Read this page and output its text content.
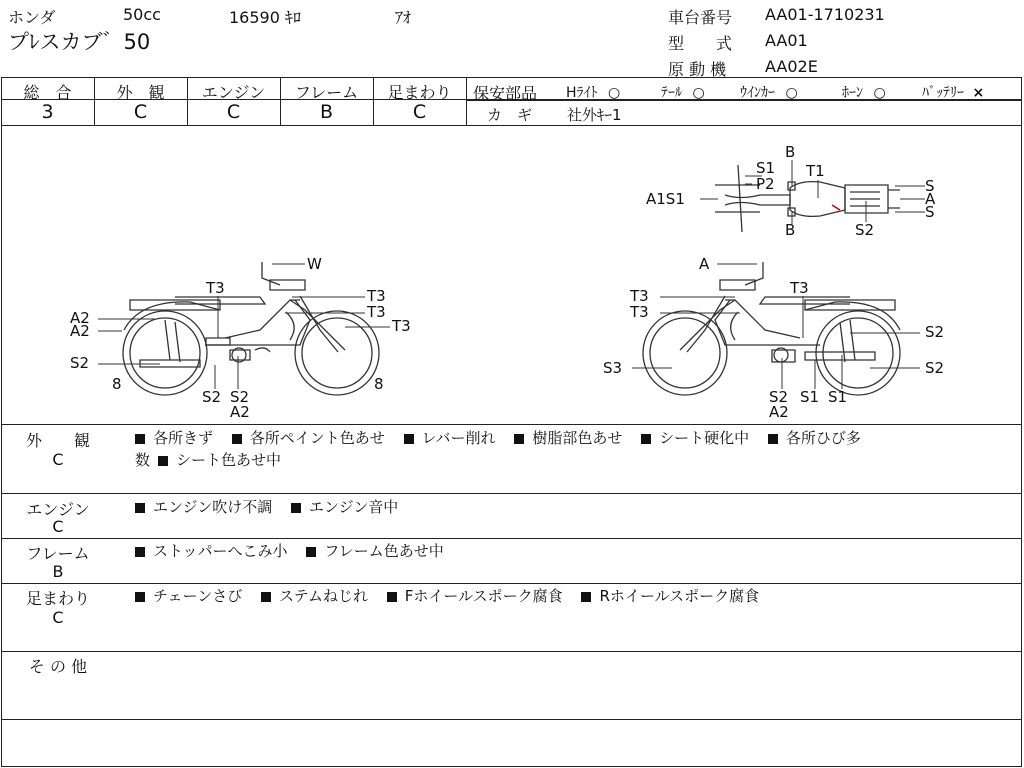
ホンダ	50cc	16590 ｷﾛ	ｱｵ
プﾚスカブ゛50
車台番号 AA01-1710231
型　　式 AA01
原 動 機 AA02E
総　合	外　観	エンジン	フレーム	足まわり
3	C	C	B	C
保安部品 Hﾗｲﾄ ○	ﾃｰﾙ ○	ｳｲﾝｶｰ ○	ﾎｰﾝ ○	ﾊﾞｯﾃﾘｰ ×
カ　ギ 社外ｷｰ1
W
T3	T3
T3
T3
A2
A2
S2
8
S2 S2
A2
8
A
T3
T3
T3
S2
S3	S2
S2 S1 S1
A2
B
S1 T1
P2
A1S1
S
A
S
S2
B
外　　観
C
各所きず 各所ペイント色あせ レバー削れ 樹脂部色あせ シート硬化中 各所ひび多
数 シート色あせ中
エンジン
C
エンジン吹け不調 エンジン音中
フレーム
B
ストッパーへこみ小 フレーム色あせ中
足まわり
C
チェーンさび ステムねじれ Fホイールスポーク腐食 Rホイールスポーク腐食
そ の 他
